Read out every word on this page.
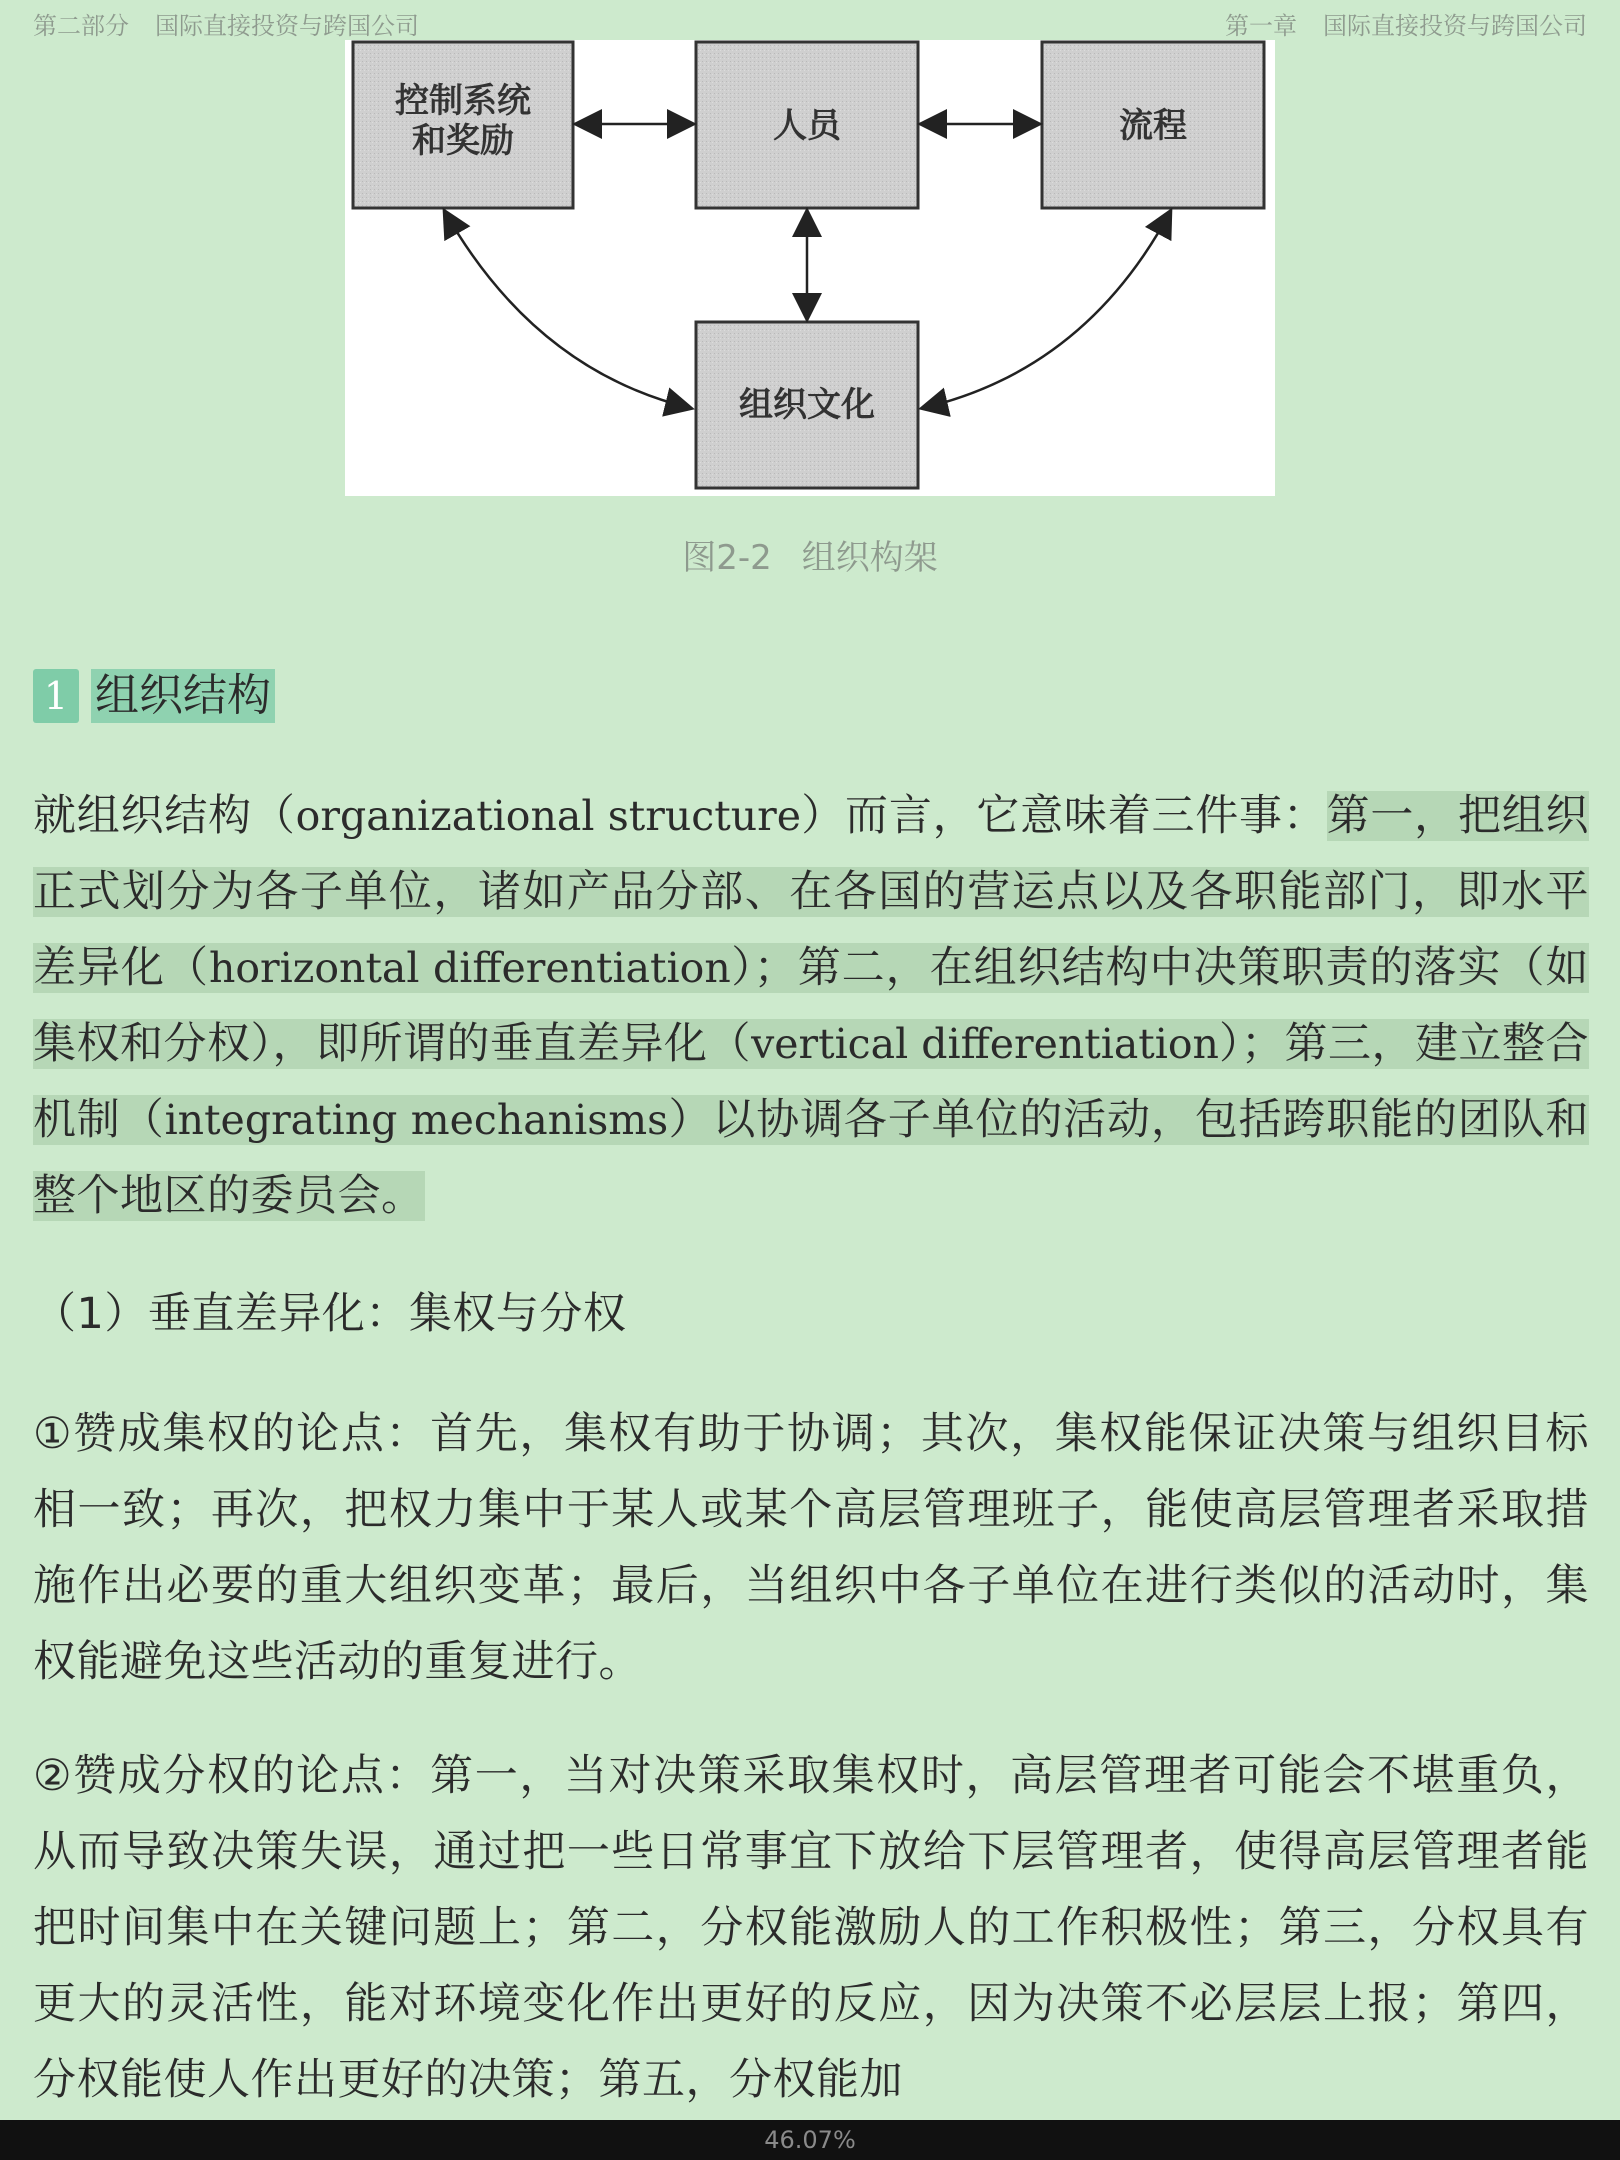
第二部分 国际直接投资与跨国公司	第一章 国际直接投资与跨国公司
控制系统
和奖励	人员	流程
组织文化
图2-2 组织构架
1 组织结构

就组织结构（organizational structure）而言，它意味着三件事：第一，把组织正式划分为各子单位，诸如产品分部、在各国的营运点以及各职能部门，即水平差异化（horizontal differentiation）；第二，在组织结构中决策职责的落实（如集权和分权），即所谓的垂直差异化（vertical differentiation）；第三，建立整合机制（integrating mechanisms）以协调各子单位的活动，包括跨职能的团队和整个地区的委员会。

（1）垂直差异化：集权与分权

①赞成集权的论点：首先，集权有助于协调；其次，集权能保证决策与组织目标相一致；再次，把权力集中于某人或某个高层管理班子，能使高层管理者采取措施作出必要的重大组织变革；最后，当组织中各子单位在进行类似的活动时，集权能避免这些活动的重复进行。

②赞成分权的论点：第一，当对决策采取集权时，高层管理者可能会不堪重负，从而导致决策失误，通过把一些日常事宜下放给下层管理者，使得高层管理者能把时间集中在关键问题上；第二，分权能激励人的工作积极性；第三，分权具有更大的灵活性，能对环境变化作出更好的反应，因为决策不必层层上报；第四，分权能使人作出更好的决策；第五，分权能加

46.07%
